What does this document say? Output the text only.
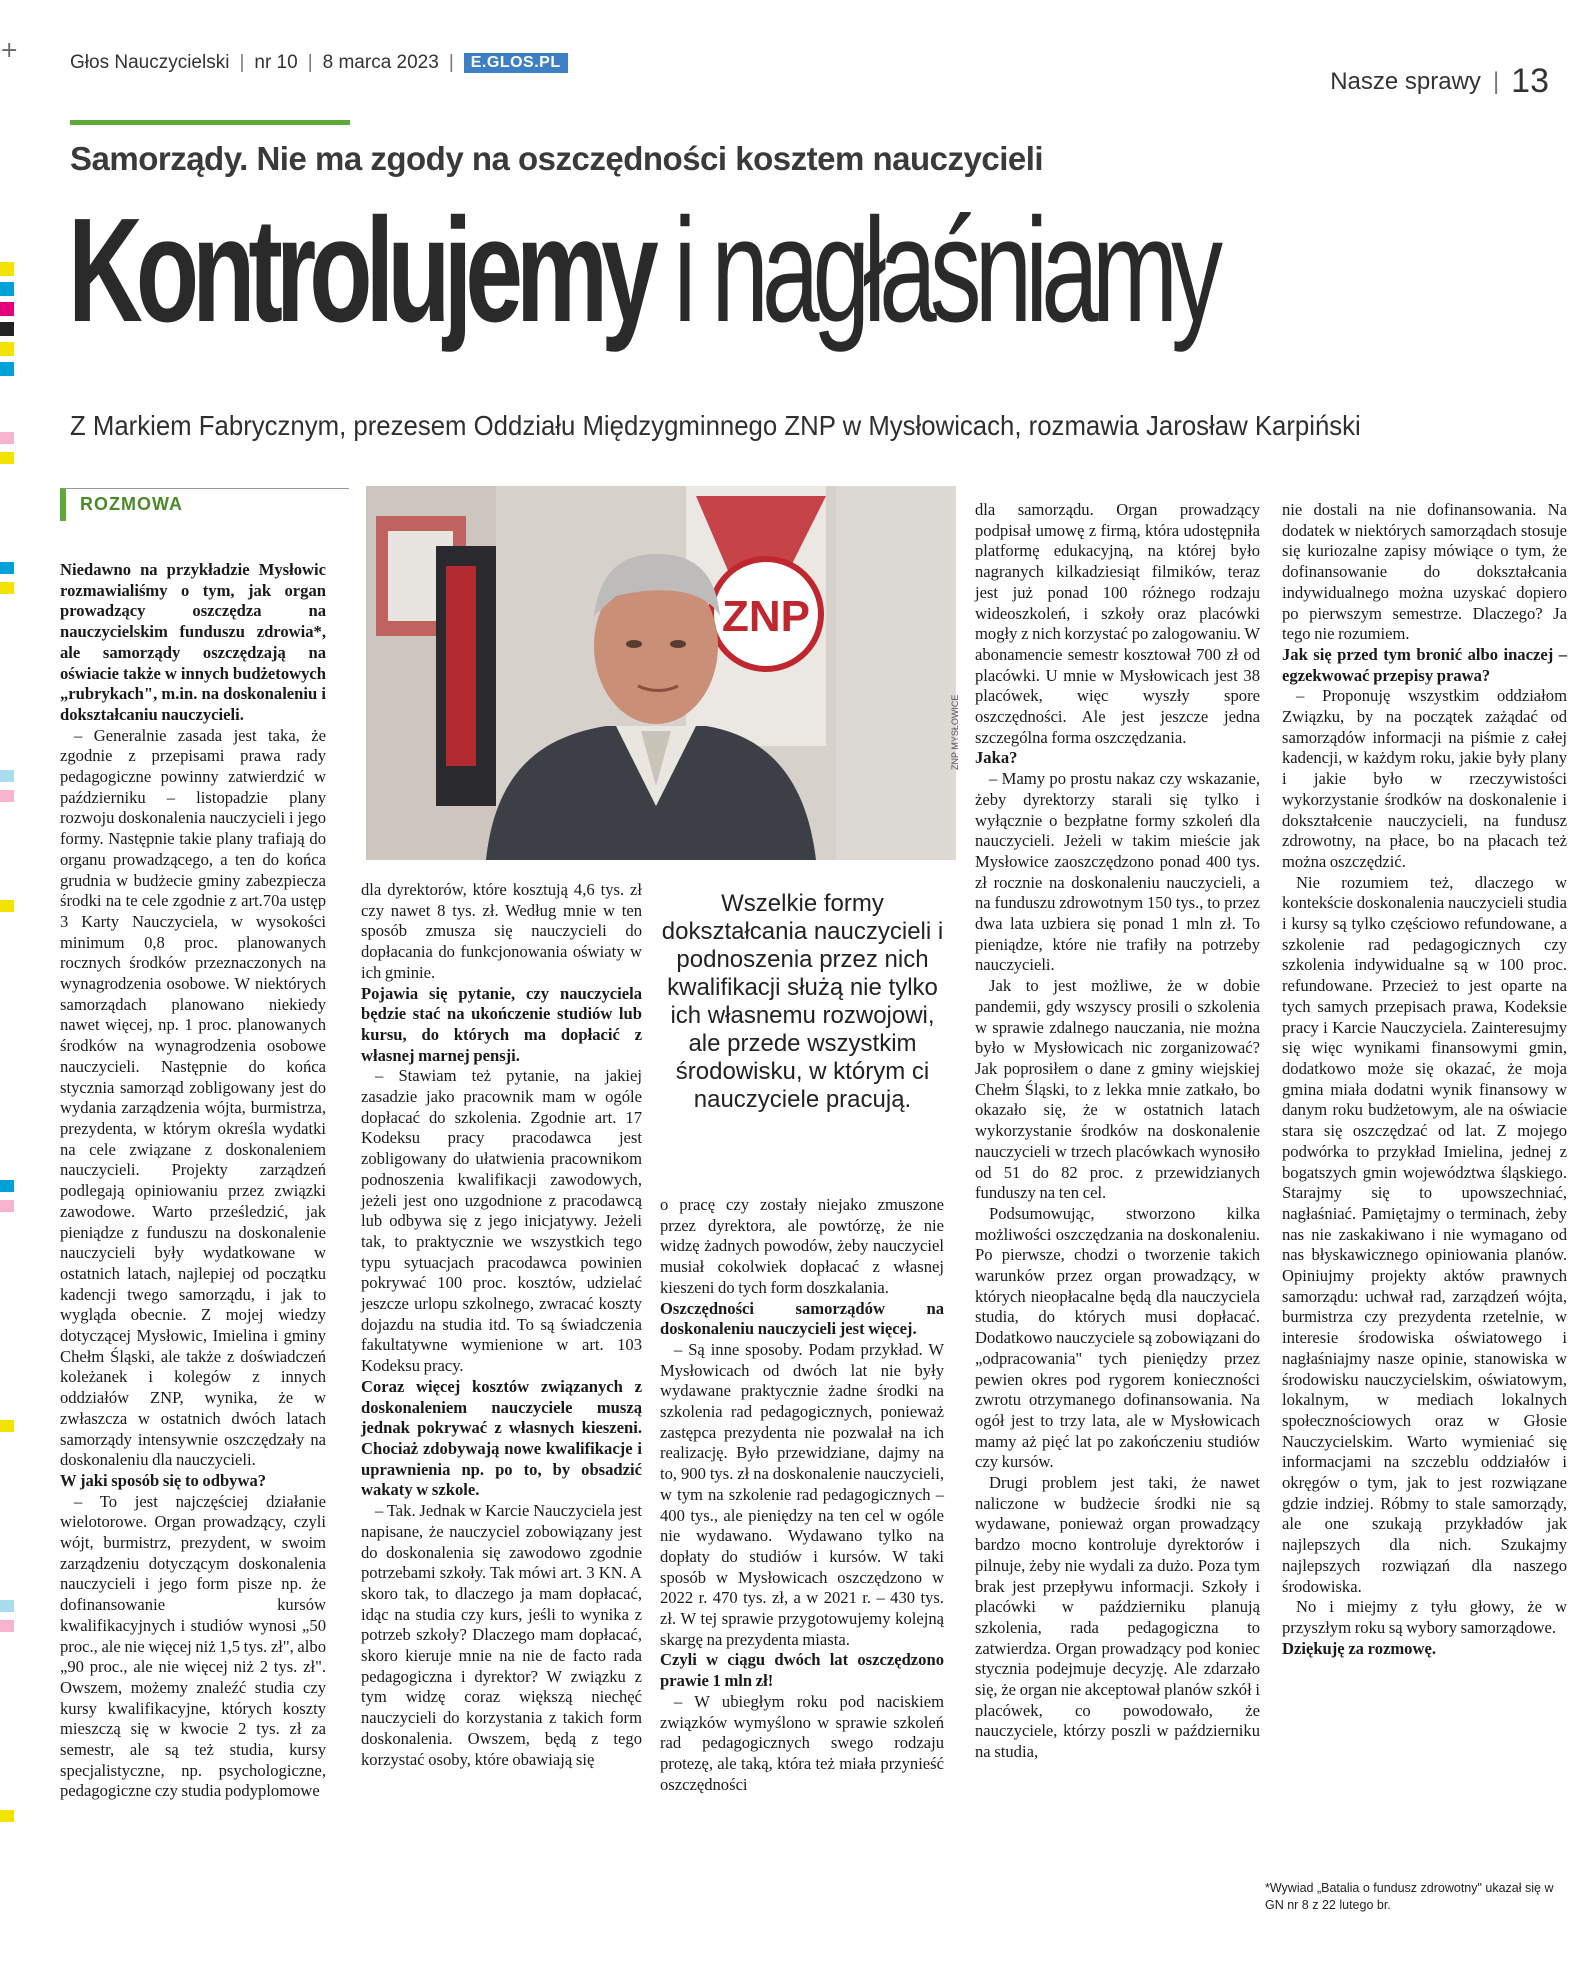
+	Głos Nauczycielski | nr 10 | 8 marca 2023 |	E.GLOS.PL
Nasze sprawy | 13
Samorządy. Nie ma zgody na oszczędności kosztem nauczycieli
Kontrolujemy i nagłaśniamy
Z Markiem Fabrycznym, prezesem Oddziału Międzygminnego ZNP w Mysłowicach, rozmawia Jarosław Karpiński
ROZMOWA
ZNP
ZNP MYSŁOWICE
Wszelkie formy dokształcania nauczycieli i podnoszenia przez nich kwalifikacji służą nie tylko ich własnemu rozwojowi, ale przede wszystkim środowisku, w którym ci nauczyciele pracują.

Niedawno na przykładzie Mysłowic rozmawialiśmy o tym, jak organ prowadzący oszczędza na nauczycielskim funduszu zdrowia*, ale samorządy oszczędzają na oświacie także w innych budżetowych „rubrykach", m.in. na doskonaleniu i dokształcaniu nauczycieli.

– Generalnie zasada jest taka, że zgodnie z przepisami prawa rady pedagogiczne powinny zatwierdzić w październiku – listopadzie plany rozwoju doskonalenia nauczycieli i jego formy. Następnie takie plany trafiają do organu prowadzącego, a ten do końca grudnia w budżecie gminy zabezpiecza środki na te cele zgodnie z art.70a ustęp 3 Karty Nauczyciela, w wysokości minimum 0,8 proc. planowanych rocznych środków przeznaczonych na wynagrodzenia osobowe. W niektórych samorządach planowano niekiedy nawet więcej, np. 1 proc. planowanych środków na wynagrodzenia osobowe nauczycieli. Następnie do końca stycznia samorząd zobligowany jest do wydania zarządzenia wójta, burmistrza, prezydenta, w którym określa wydatki na cele związane z doskonaleniem nauczycieli. Projekty zarządzeń podlegają opiniowaniu przez związki zawodowe. Warto prześledzić, jak pieniądze z funduszu na doskonalenie nauczycieli były wydatkowane w ostatnich latach, najlepiej od początku kadencji twego samorządu, i jak to wygląda obecnie. Z mojej wiedzy dotyczącej Mysłowic, Imielina i gminy Chełm Śląski, ale także z doświadczeń koleżanek i kolegów z innych oddziałów ZNP, wynika, że w zwłaszcza w ostatnich dwóch latach samorządy intensywnie oszczędzały na doskonaleniu dla nauczycieli.

W jaki sposób się to odbywa?

– To jest najczęściej działanie wielotorowe. Organ prowadzący, czyli wójt, burmistrz, prezydent, w swoim zarządzeniu dotyczącym doskonalenia nauczycieli i jego form pisze np. że dofinansowanie kursów kwalifikacyjnych i studiów wynosi „50 proc., ale nie więcej niż 1,5 tys. zł", albo „90 proc., ale nie więcej niż 2 tys. zł". Owszem, możemy znaleźć studia czy kursy kwalifikacyjne, których koszty mieszczą się w kwocie 2 tys. zł za semestr, ale są też studia, kursy specjalistyczne, np. psychologiczne, pedagogiczne czy studia podyplomowe

dla dyrektorów, które kosztują 4,6 tys. zł czy nawet 8 tys. zł. Według mnie w ten sposób zmusza się nauczycieli do dopłacania do funkcjonowania oświaty w ich gminie.

Pojawia się pytanie, czy nauczyciela będzie stać na ukończenie studiów lub kursu, do których ma dopłacić z własnej marnej pensji.

– Stawiam też pytanie, na jakiej zasadzie jako pracownik mam w ogóle dopłacać do szkolenia. Zgodnie art. 17 Kodeksu pracy pracodawca jest zobligowany do ułatwienia pracownikom podnoszenia kwalifikacji zawodowych, jeżeli jest ono uzgodnione z pracodawcą lub odbywa się z jego inicjatywy. Jeżeli tak, to praktycznie we wszystkich tego typu sytuacjach pracodawca powinien pokrywać 100 proc. kosztów, udzielać jeszcze urlopu szkolnego, zwracać koszty dojazdu na studia itd. To są świadczenia fakultatywne wymienione w art. 103 Kodeksu pracy.

Coraz więcej kosztów związanych z doskonaleniem nauczyciele muszą jednak pokrywać z własnych kieszeni. Chociaż zdobywają nowe kwalifikacje i uprawnienia np. po to, by obsadzić wakaty w szkole.

– Tak. Jednak w Karcie Nauczyciela jest napisane, że nauczyciel zobowiązany jest do doskonalenia się zawodowo zgodnie potrzebami szkoły. Tak mówi art. 3 KN. A skoro tak, to dlaczego ja mam dopłacać, idąc na studia czy kurs, jeśli to wynika z potrzeb szkoły? Dlaczego mam dopłacać, skoro kieruje mnie na nie de facto rada pedagogiczna i dyrektor? W związku z tym widzę coraz większą niechęć nauczycieli do korzystania z takich form doskonalenia. Owszem, będą z tego korzystać osoby, które obawiają się

o pracę czy zostały niejako zmuszone przez dyrektora, ale powtórzę, że nie widzę żadnych powodów, żeby nauczyciel musiał cokolwiek dopłacać z własnej kieszeni do tych form doszkalania.

Oszczędności samorządów na doskonaleniu nauczycieli jest więcej.

– Są inne sposoby. Podam przykład. W Mysłowicach od dwóch lat nie były wydawane praktycznie żadne środki na szkolenia rad pedagogicznych, ponieważ zastępca prezydenta nie pozwalał na ich realizację. Było przewidziane, dajmy na to, 900 tys. zł na doskonalenie nauczycieli, w tym na szkolenie rad pedagogicznych – 400 tys., ale pieniędzy na ten cel w ogóle nie wydawano. Wydawano tylko na dopłaty do studiów i kursów. W taki sposób w Mysłowicach oszczędzono w 2022 r. 470 tys. zł, a w 2021 r. – 430 tys. zł. W tej sprawie przygotowujemy kolejną skargę na prezydenta miasta.

Czyli w ciągu dwóch lat oszczędzono prawie 1 mln zł!

– W ubiegłym roku pod naciskiem związków wymyślono w sprawie szkoleń rad pedagogicznych swego rodzaju protezę, ale taką, która też miała przynieść oszczędności

dla samorządu. Organ prowadzący podpisał umowę z firmą, która udostępniła platformę edukacyjną, na której było nagranych kilkadziesiąt filmików, teraz jest już ponad 100 różnego rodzaju wideoszkoleń, i szkoły oraz placówki mogły z nich korzystać po zalogowaniu. W abonamencie semestr kosztował 700 zł od placówki. U mnie w Mysłowicach jest 38 placówek, więc wyszły spore oszczędności. Ale jest jeszcze jedna szczególna forma oszczędzania.

Jaka?

– Mamy po prostu nakaz czy wskazanie, żeby dyrektorzy starali się tylko i wyłącznie o bezpłatne formy szkoleń dla nauczycieli. Jeżeli w takim mieście jak Mysłowice zaoszczędzono ponad 400 tys. zł rocznie na doskonaleniu nauczycieli, a na funduszu zdrowotnym 150 tys., to przez dwa lata uzbiera się ponad 1 mln zł. To pieniądze, które nie trafiły na potrzeby nauczycieli.

Jak to jest możliwe, że w dobie pandemii, gdy wszyscy prosili o szkolenia w sprawie zdalnego nauczania, nie można było w Mysłowicach nic zorganizować? Jak poprosiłem o dane z gminy wiejskiej Chełm Śląski, to z lekka mnie zatkało, bo okazało się, że w ostatnich latach wykorzystanie środków na doskonalenie nauczycieli w trzech placówkach wynosiło od 51 do 82 proc. z przewidzianych funduszy na ten cel.

Podsumowując, stworzono kilka możliwości oszczędzania na doskonaleniu. Po pierwsze, chodzi o tworzenie takich warunków przez organ prowadzący, w których nieopłacalne będą dla nauczyciela studia, do których musi dopłacać. Dodatkowo nauczyciele są zobowiązani do „odpracowania" tych pieniędzy przez pewien okres pod rygorem konieczności zwrotu otrzymanego dofinansowania. Na ogół jest to trzy lata, ale w Mysłowicach mamy aż pięć lat po zakończeniu studiów czy kursów.

Drugi problem jest taki, że nawet naliczone w budżecie środki nie są wydawane, ponieważ organ prowadzący bardzo mocno kontroluje dyrektorów i pilnuje, żeby nie wydali za dużo. Poza tym brak jest przepływu informacji. Szkoły i placówki w październiku planują szkolenia, rada pedagogiczna to zatwierdza. Organ prowadzący pod koniec stycznia podejmuje decyzję. Ale zdarzało się, że organ nie akceptował planów szkół i placówek, co powodowało, że nauczyciele, którzy poszli w październiku na studia,

nie dostali na nie dofinansowania. Na dodatek w niektórych samorządach stosuje się kuriozalne zapisy mówiące o tym, że dofinansowanie do dokształcania indywidualnego można uzyskać dopiero po pierwszym semestrze. Dlaczego? Ja tego nie rozumiem.

Jak się przed tym bronić albo inaczej – egzekwować przepisy prawa?

– Proponuję wszystkim oddziałom Związku, by na początek zażądać od samorządów informacji na piśmie z całej kadencji, w każdym roku, jakie były plany i jakie było w rzeczywistości wykorzystanie środków na doskonalenie i dokształcenie nauczycieli, na fundusz zdrowotny, na płace, bo na płacach też można oszczędzić.

Nie rozumiem też, dlaczego w kontekście doskonalenia nauczycieli studia i kursy są tylko częściowo refundowane, a szkolenie rad pedagogicznych czy szkolenia indywidualne są w 100 proc. refundowane. Przecież to jest oparte na tych samych przepisach prawa, Kodeksie pracy i Karcie Nauczyciela. Zainteresujmy się więc wynikami finansowymi gmin, dodatkowo może się okazać, że moja gmina miała dodatni wynik finansowy w danym roku budżetowym, ale na oświacie stara się oszczędzać od lat. Z mojego podwórka to przykład Imielina, jednej z bogatszych gmin województwa śląskiego. Starajmy się to upowszechniać, nagłaśniać. Pamiętajmy o terminach, żeby nas nie zaskakiwano i nie wymagano od nas błyskawicznego opiniowania planów. Opiniujmy projekty aktów prawnych samorządu: uchwał rad, zarządzeń wójta, burmistrza czy prezydenta rzetelnie, w interesie środowiska oświatowego i nagłaśniajmy nasze opinie, stanowiska w środowisku nauczycielskim, oświatowym, lokalnym, w mediach lokalnych społecznościowych oraz w Głosie Nauczycielskim. Warto wymieniać się informacjami na szczeblu oddziałów i okręgów o tym, jak to jest rozwiązane gdzie indziej. Róbmy to stale samorządy, ale one szukają przykładów jak najlepszych dla nich. Szukajmy najlepszych rozwiązań dla naszego środowiska.

No i miejmy z tyłu głowy, że w przyszłym roku są wybory samorządowe.

Dziękuję za rozmowę.

*Wywiad „Batalia o fundusz zdrowotny" ukazał się w GN nr 8 z 22 lutego br.
